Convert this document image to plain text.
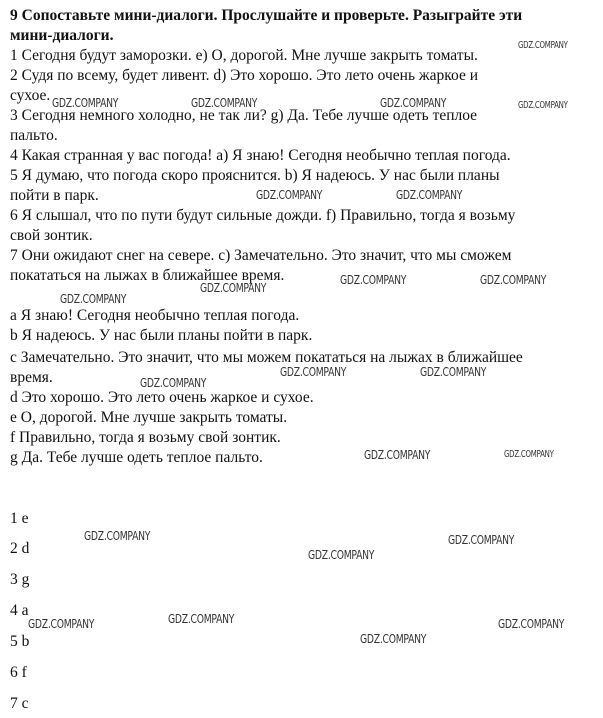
9 Сопоставьте мини-диалоги. Прослушайте и проверьте. Разыграйте эти
мини-диалоги.

1 Сегодня будут заморозки. e) О, дорогой. Мне лучше закрыть томаты.

2 Судя по всему, будет ливент. d) Это хорошо. Это лето очень жаркое и

сухое.

3 Сегодня немного холодно, не так ли? g) Да. Тебе лучше одеть теплое

пальто.

4 Какая странная у вас погода! a) Я знаю! Сегодня необычно теплая погода.

5 Я думаю, что погода скоро прояснится. b) Я надеюсь. У нас были планы

пойти в парк.

6 Я слышал, что по пути будут сильные дожди. f) Правильно, тогда я возьму

свой зонтик.

7 Они ожидают снег на севере. c) Замечательно. Это значит, что мы сможем

покататься на лыжах в ближайшее время.

a Я знаю! Сегодня необычно теплая погода.

b Я надеюсь. У нас были планы пойти в парк.

c Замечательно. Это значит, что мы можем покататься на лыжах в ближайшее

время.

d Это хорошо. Это лето очень жаркое и сухое.

e О, дорогой. Мне лучше закрыть томаты.

f Правильно, тогда я возьму свой зонтик.

g Да. Тебе лучше одеть теплое пальто.

1 e

2 d

3 g

4 a

5 b

6 f

7 c

GDZ.COMPANY
GDZ.COMPANY	GDZ.COMPANY	GDZ.COMPANY	GDZ.COMPANY
GDZ.COMPANY	GDZ.COMPANY
GDZ.COMPANY	GDZ.COMPANY
GDZ.COMPANY
GDZ.COMPANY
GDZ.COMPANY	GDZ.COMPANY
GDZ.COMPANY
GDZ.COMPANY	GDZ.COMPANY
GDZ.COMPANY	GDZ.COMPANY
GDZ.COMPANY
GDZ.COMPANY
GDZ.COMPANY	GDZ.COMPANY
GDZ.COMPANY
